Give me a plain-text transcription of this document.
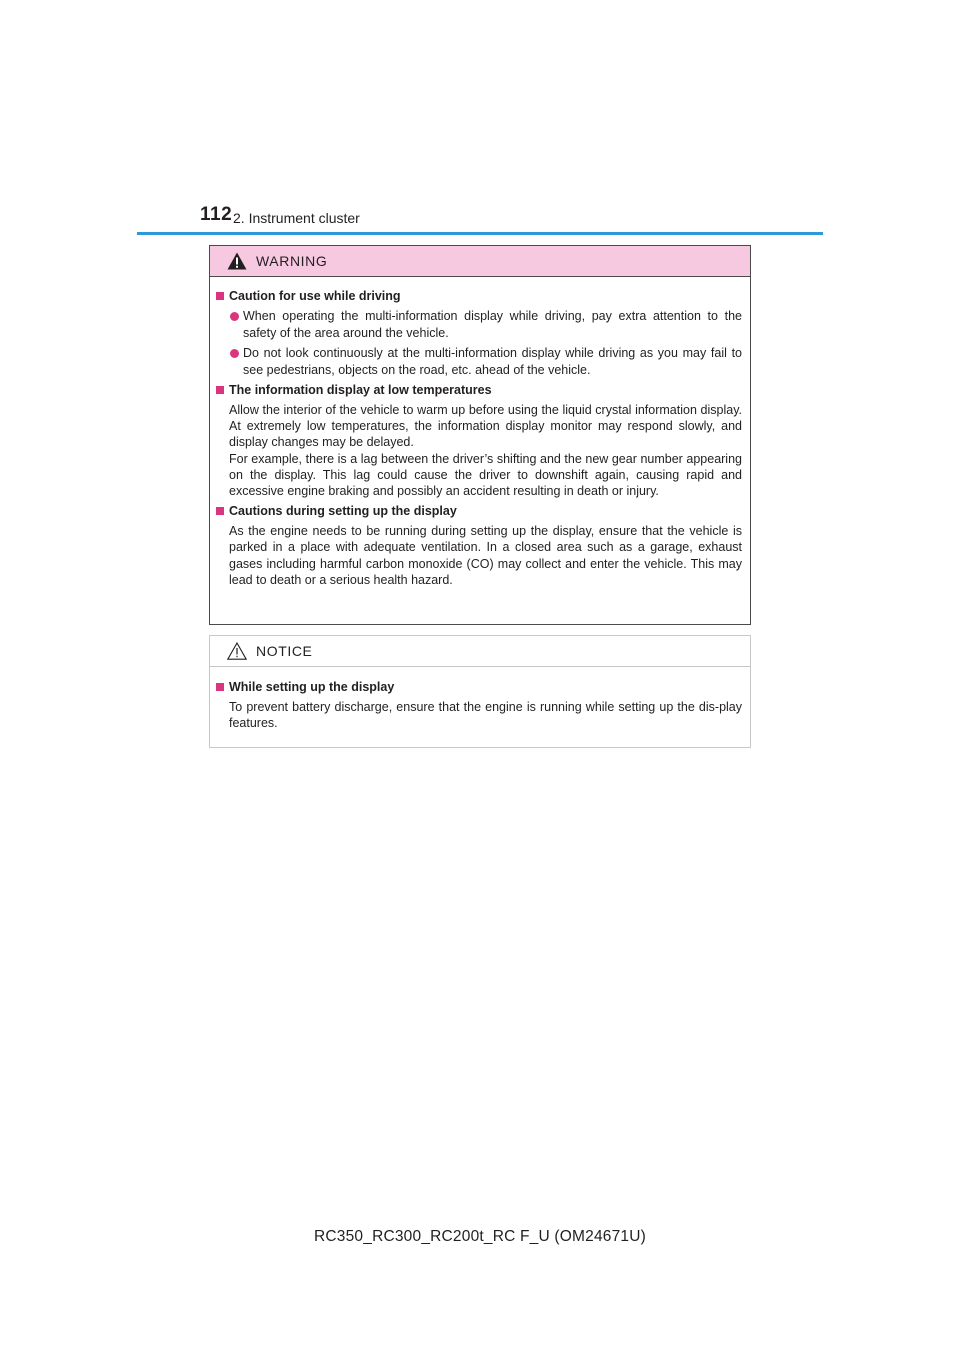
112 2. Instrument cluster
WARNING
Caution for use while driving
When operating the multi-information display while driving, pay extra attention to the safety of the area around the vehicle.
Do not look continuously at the multi-information display while driving as you may fail to see pedestrians, objects on the road, etc. ahead of the vehicle.
The information display at low temperatures
Allow the interior of the vehicle to warm up before using the liquid crystal information display. At extremely low temperatures, the information display monitor may respond slowly, and display changes may be delayed.
For example, there is a lag between the driver’s shifting and the new gear number appearing on the display. This lag could cause the driver to downshift again, causing rapid and excessive engine braking and possibly an accident resulting in death or injury.
Cautions during setting up the display
As the engine needs to be running during setting up the display, ensure that the vehicle is parked in a place with adequate ventilation. In a closed area such as a garage, exhaust gases including harmful carbon monoxide (CO) may collect and enter the vehicle. This may lead to death or a serious health hazard.
NOTICE
While setting up the display
To prevent battery discharge, ensure that the engine is running while setting up the dis-play features.
RC350_RC300_RC200t_RC F_U (OM24671U)
